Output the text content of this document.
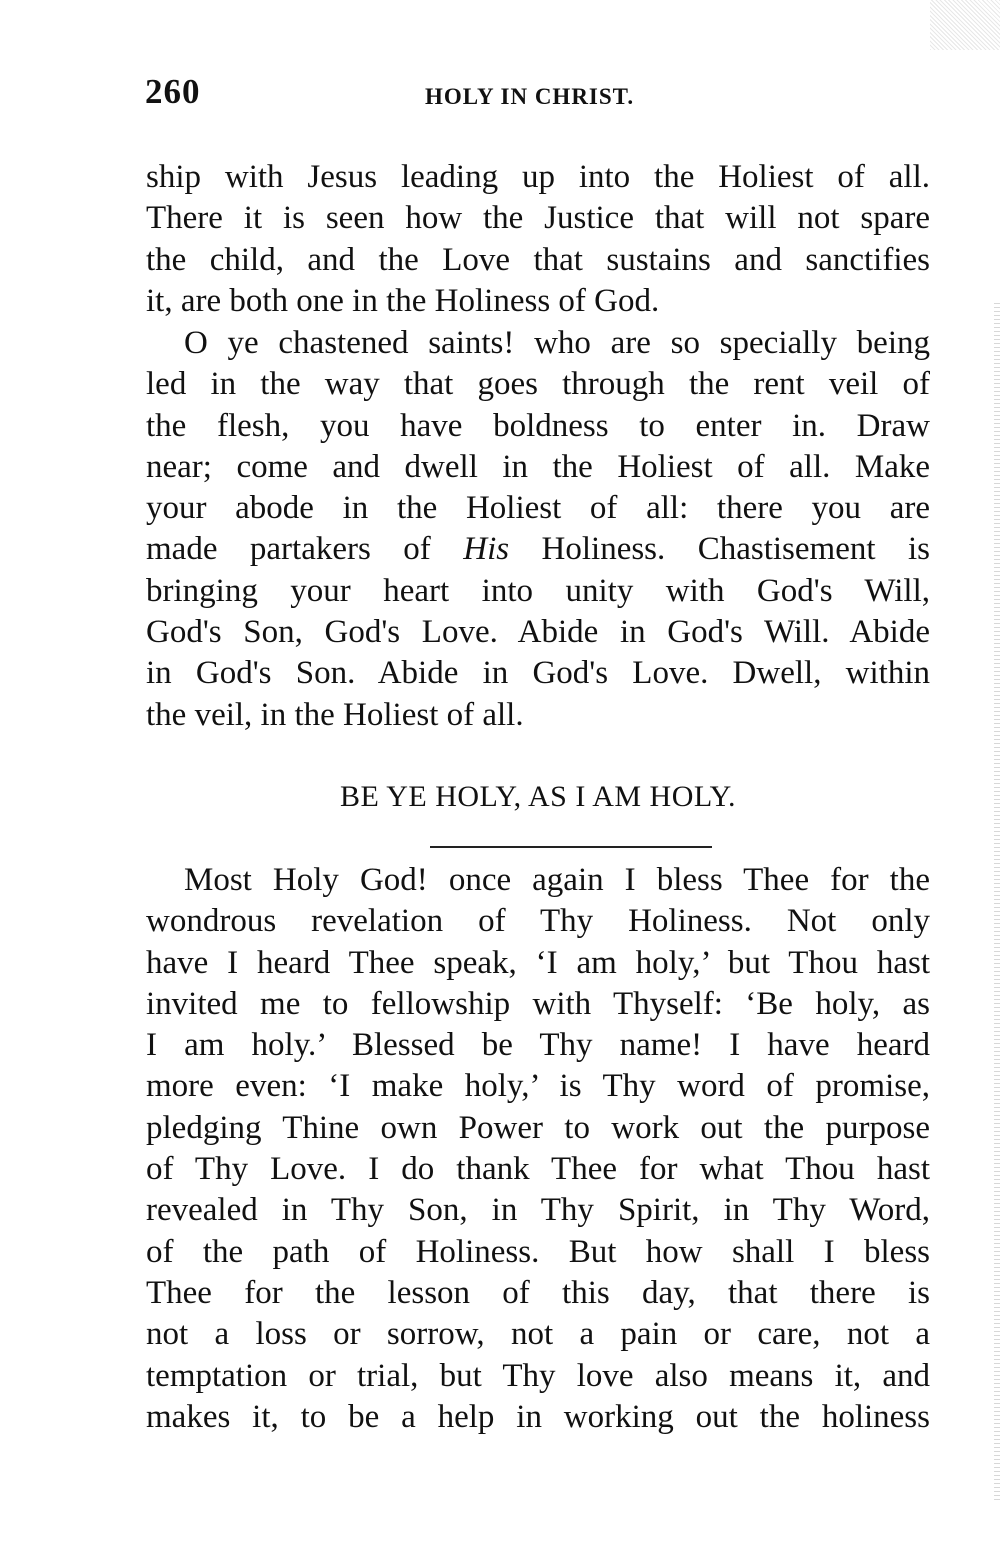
260	HOLY IN CHRIST.
ship with Jesus leading up into the Holiest of all.
There it is seen how the Justice that will not spare
the child, and the Love that sustains and sanctifies
it, are both one in the Holiness of God.
O ye chastened saints! who are so specially being
led in the way that goes through the rent veil of
the flesh, you have boldness to enter in. Draw
near; come and dwell in the Holiest of all. Make
your abode in the Holiest of all: there you are
made partakers of His Holiness. Chastisement is
bringing your heart into unity with God's Will,
God's Son, God's Love. Abide in God's Will. Abide
in God's Son. Abide in God's Love. Dwell, within
the veil, in the Holiest of all.
BE YE HOLY, AS I AM HOLY.
Most Holy God! once again I bless Thee for the
wondrous revelation of Thy Holiness. Not only
have I heard Thee speak, ‘I am holy,’ but Thou hast
invited me to fellowship with Thyself: ‘Be holy, as
I am holy.’ Blessed be Thy name! I have heard
more even: ‘I make holy,’ is Thy word of promise,
pledging Thine own Power to work out the purpose
of Thy Love. I do thank Thee for what Thou hast
revealed in Thy Son, in Thy Spirit, in Thy Word,
of the path of Holiness. But how shall I bless
Thee for the lesson of this day, that there is
not a loss or sorrow, not a pain or care, not a
temptation or trial, but Thy love also means it, and
makes it, to be a help in working out the holiness
